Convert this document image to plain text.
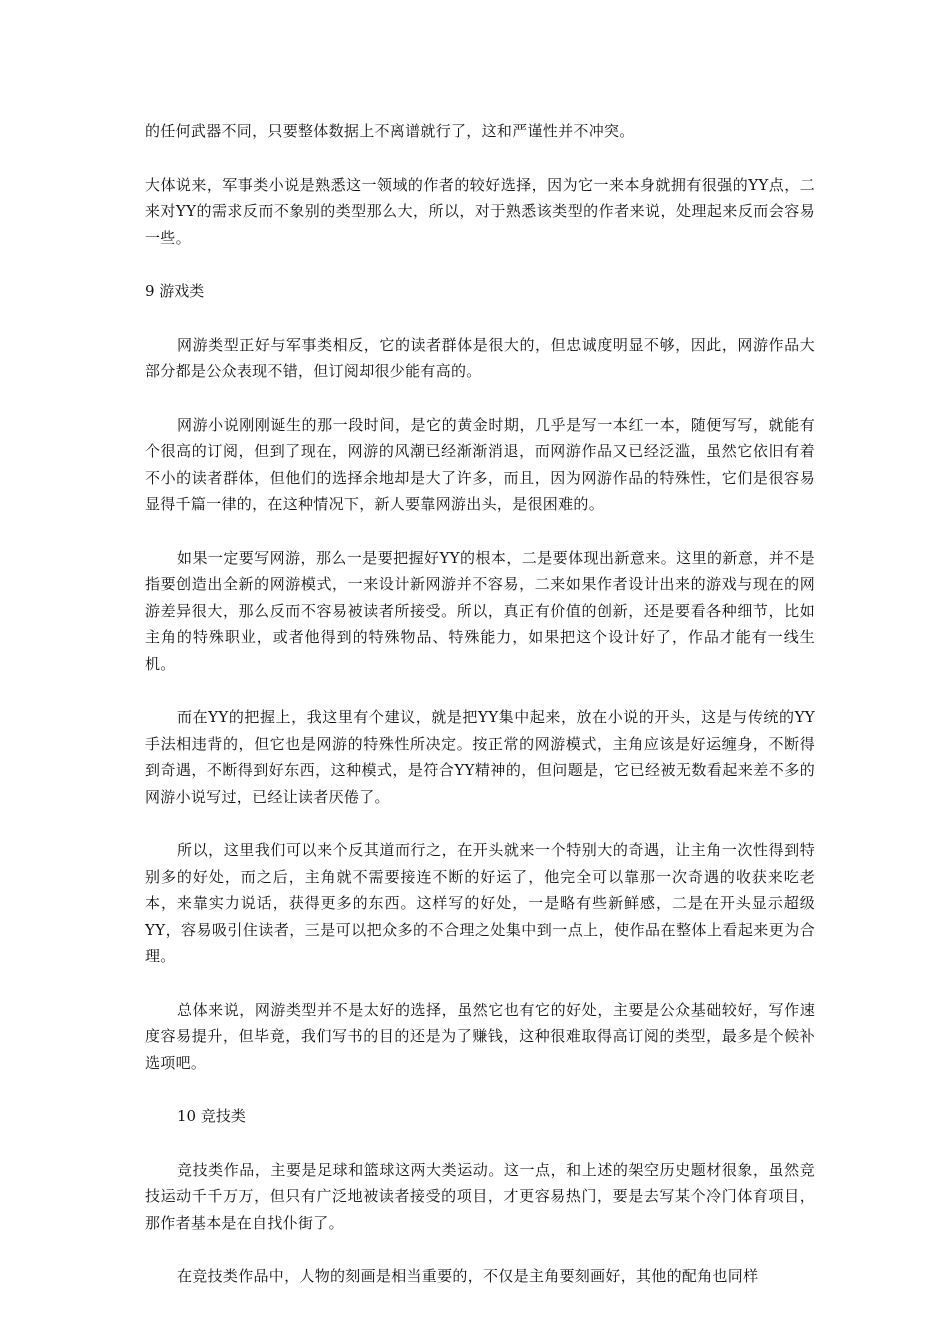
的任何武器不同，只要整体数据上不离谱就行了，这和严谨性并不冲突。

大体说来，军事类小说是熟悉这一领域的作者的较好选择，因为它一来本身就拥有很强的YY点，二来对YY的需求反而不象别的类型那么大，所以，对于熟悉该类型的作者来说，处理起来反而会容易一些。

9 游戏类

网游类型正好与军事类相反，它的读者群体是很大的，但忠诚度明显不够，因此，网游作品大部分都是公众表现不错，但订阅却很少能有高的。

网游小说刚刚诞生的那一段时间，是它的黄金时期，几乎是写一本红一本，随便写写，就能有个很高的订阅，但到了现在，网游的风潮已经渐渐消退，而网游作品又已经泛滥，虽然它依旧有着不小的读者群体，但他们的选择余地却是大了许多，而且，因为网游作品的特殊性，它们是很容易显得千篇一律的，在这种情况下，新人要靠网游出头，是很困难的。

如果一定要写网游，那么一是要把握好YY的根本，二是要体现出新意来。这里的新意，并不是指要创造出全新的网游模式，一来设计新网游并不容易，二来如果作者设计出来的游戏与现在的网游差异很大，那么反而不容易被读者所接受。所以，真正有价值的创新，还是要看各种细节，比如主角的特殊职业，或者他得到的特殊物品、特殊能力，如果把这个设计好了，作品才能有一线生机。

而在YY的把握上，我这里有个建议，就是把YY集中起来，放在小说的开头，这是与传统的YY手法相违背的，但它也是网游的特殊性所决定。按正常的网游模式，主角应该是好运缠身，不断得到奇遇，不断得到好东西，这种模式，是符合YY精神的，但问题是，它已经被无数看起来差不多的网游小说写过，已经让读者厌倦了。

所以，这里我们可以来个反其道而行之，在开头就来一个特别大的奇遇，让主角一次性得到特别多的好处，而之后，主角就不需要接连不断的好运了，他完全可以靠那一次奇遇的收获来吃老本，来靠实力说话，获得更多的东西。这样写的好处，一是略有些新鲜感，二是在开头显示超级YY，容易吸引住读者，三是可以把众多的不合理之处集中到一点上，使作品在整体上看起来更为合理。

总体来说，网游类型并不是太好的选择，虽然它也有它的好处，主要是公众基础较好，写作速度容易提升，但毕竟，我们写书的目的还是为了赚钱，这种很难取得高订阅的类型，最多是个候补选项吧。

10 竞技类

竞技类作品，主要是足球和篮球这两大类运动。这一点，和上述的架空历史题材很象，虽然竞技运动千千万万，但只有广泛地被读者接受的项目，才更容易热门，要是去写某个冷门体育项目，那作者基本是在自找仆街了。

在竞技类作品中，人物的刻画是相当重要的，不仅是主角要刻画好，其他的配角也同样
